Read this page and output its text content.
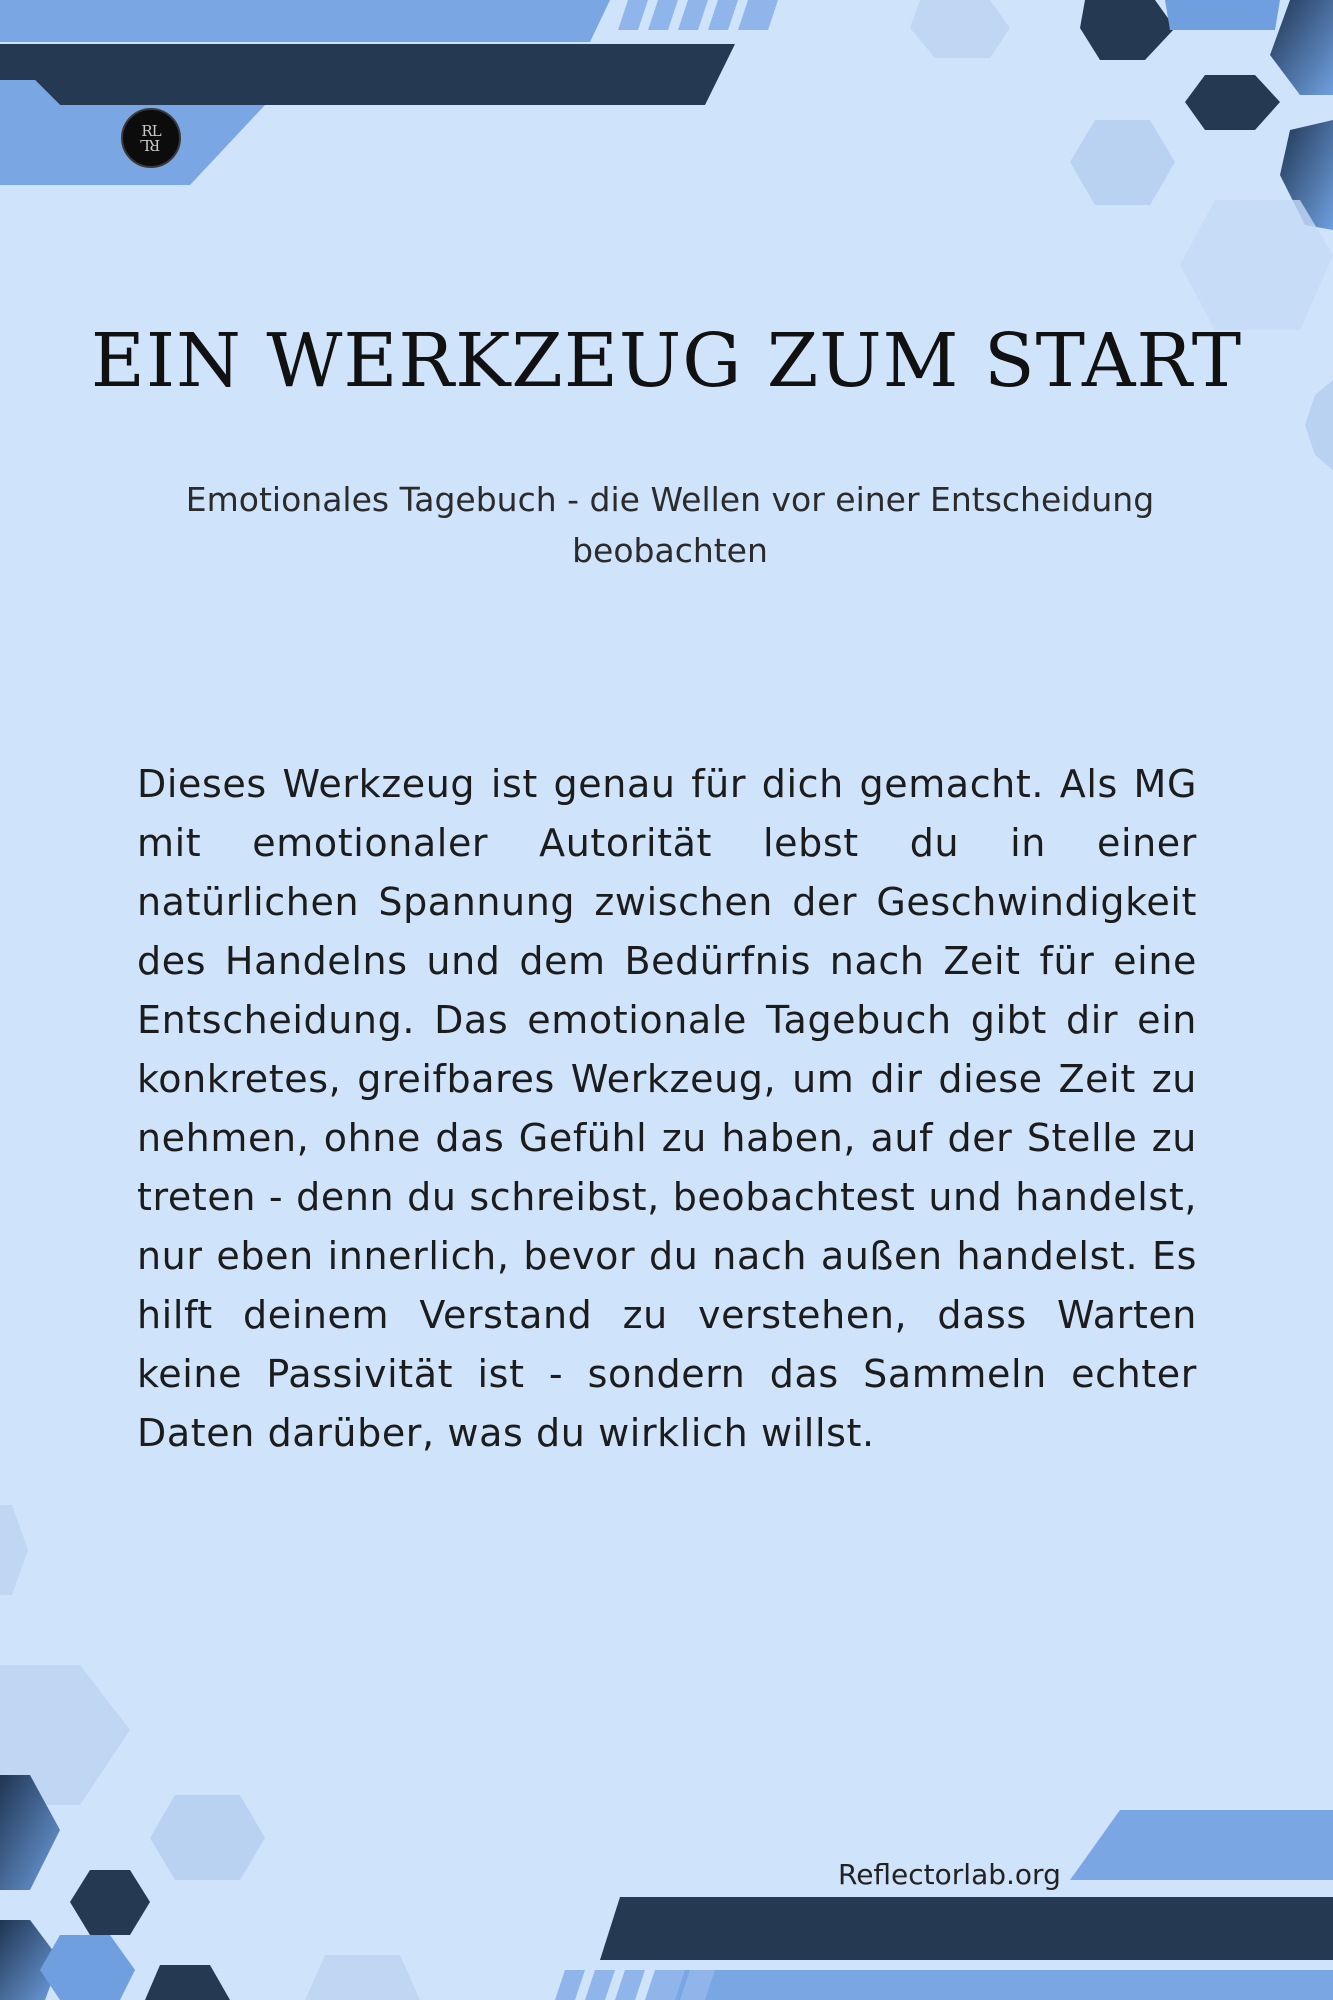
RL
RL
EIN WERKZEUG ZUM START

Emotionales Tagebuch - die Wellen vor einer Entscheidung beobachten

Dieses Werkzeug ist genau für dich gemacht. Als MG mit emotionaler Autorität lebst du in einer natürlichen Spannung zwischen der Geschwindigkeit des Handelns und dem Bedürfnis nach Zeit für eine Entscheidung. Das emotionale Tagebuch gibt dir ein konkretes, greifbares Werkzeug, um dir diese Zeit zu nehmen, ohne das Gefühl zu haben, auf der Stelle zu treten - denn du schreibst, beobachtest und handelst, nur eben innerlich, bevor du nach außen handelst. Es hilft deinem Verstand zu verstehen, dass Warten keine Passivität ist - sondern das Sammeln echter Daten darüber, was du wirklich willst.

Reflectorlab.org
